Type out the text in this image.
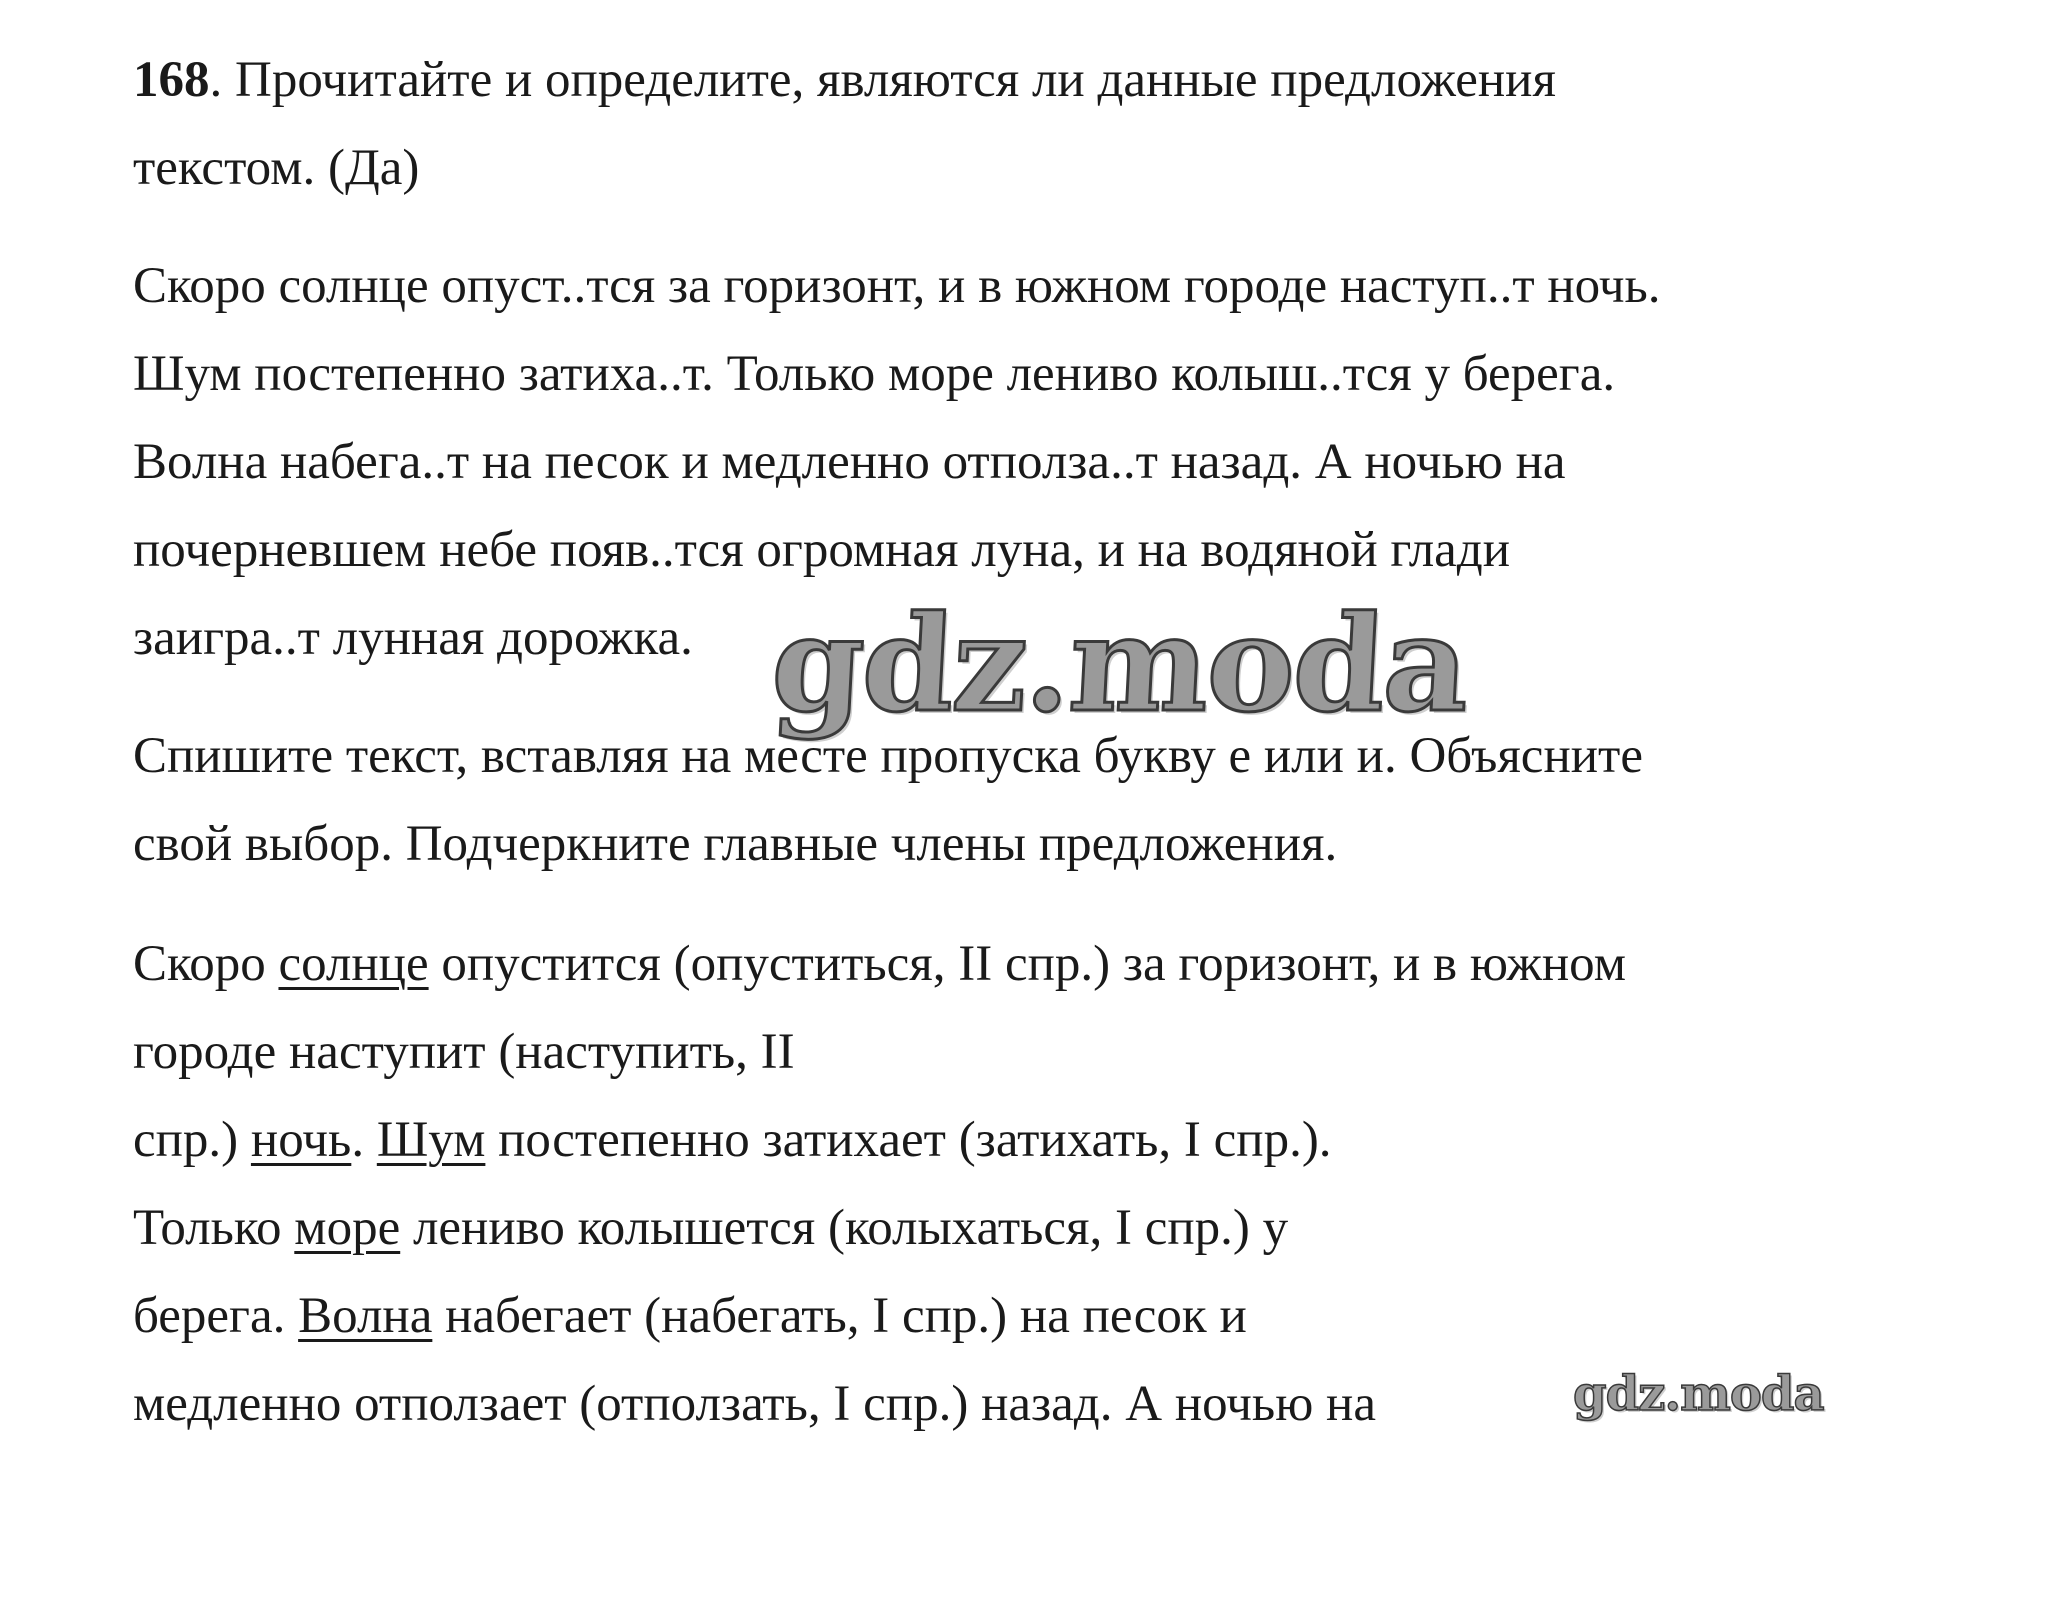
168. Прочитайте и определите, являются ли данные предложения
текстом. (Да)
Скоро солнце опуст..тся за горизонт, и в южном городе наступ..т ночь.
Шум постепенно затиха..т. Только море лениво колыш..тся у берега.
Волна набега..т на песок и медленно отполза..т назад. А ночью на
почерневшем небе появ..тся огромная луна, и на водяной глади
заигра..т лунная дорожка.
Спишите текст, вставляя на месте пропуска букву е или и. Объясните
свой выбор. Подчеркните главные члены предложения.
Скоро солнце опустится (опуститься, II спр.) за горизонт, и в южном
городе наступит (наступить, II
спр.) ночь. Шум постепенно затихает (затихать, I спр.).
Только море лениво колышется (колыхаться, I спр.) у
берега. Волна набегает (набегать, I спр.) на песок и
медленно отползает (отползать, I спр.) назад. А ночью на
gdz.moda
gdz.moda
